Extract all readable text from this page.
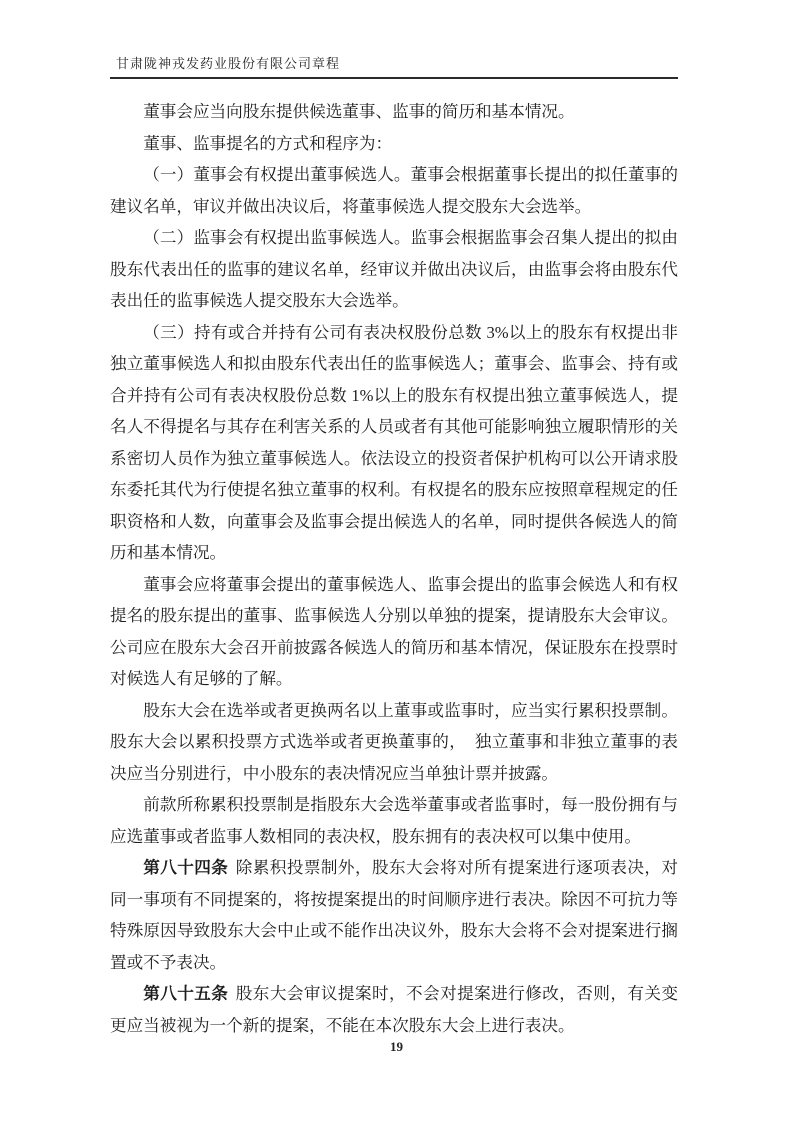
甘肃陇神戎发药业股份有限公司章程

董事会应当向股东提供候选董事、监事的简历和基本情况。

董事、监事提名的方式和程序为：

（一）董事会有权提出董事候选人。董事会根据董事长提出的拟任董事的建议名单，审议并做出决议后，将董事候选人提交股东大会选举。

（二）监事会有权提出监事候选人。监事会根据监事会召集人提出的拟由股东代表出任的监事的建议名单，经审议并做出决议后，由监事会将由股东代表出任的监事候选人提交股东大会选举。

（三）持有或合并持有公司有表决权股份总数 3%以上的股东有权提出非独立董事候选人和拟由股东代表出任的监事候选人；董事会、监事会、持有或合并持有公司有表决权股份总数 1%以上的股东有权提出独立董事候选人，提名人不得提名与其存在利害关系的人员或者有其他可能影响独立履职情形的关系密切人员作为独立董事候选人。依法设立的投资者保护机构可以公开请求股东委托其代为行使提名独立董事的权利。有权提名的股东应按照章程规定的任职资格和人数，向董事会及监事会提出候选人的名单，同时提供各候选人的简历和基本情况。

董事会应将董事会提出的董事候选人、监事会提出的监事会候选人和有权提名的股东提出的董事、监事候选人分别以单独的提案，提请股东大会审议。公司应在股东大会召开前披露各候选人的简历和基本情况，保证股东在投票时对候选人有足够的了解。

股东大会在选举或者更换两名以上董事或监事时，应当实行累积投票制。股东大会以累积投票方式选举或者更换董事的，　独立董事和非独立董事的表决应当分别进行，中小股东的表决情况应当单独计票并披露。

前款所称累积投票制是指股东大会选举董事或者监事时，每一股份拥有与应选董事或者监事人数相同的表决权，股东拥有的表决权可以集中使用。

第八十四条 除累积投票制外，股东大会将对所有提案进行逐项表决，对同一事项有不同提案的，将按提案提出的时间顺序进行表决。除因不可抗力等特殊原因导致股东大会中止或不能作出决议外，股东大会将不会对提案进行搁置或不予表决。

第八十五条 股东大会审议提案时，不会对提案进行修改，否则，有关变更应当被视为一个新的提案，不能在本次股东大会上进行表决。

19
